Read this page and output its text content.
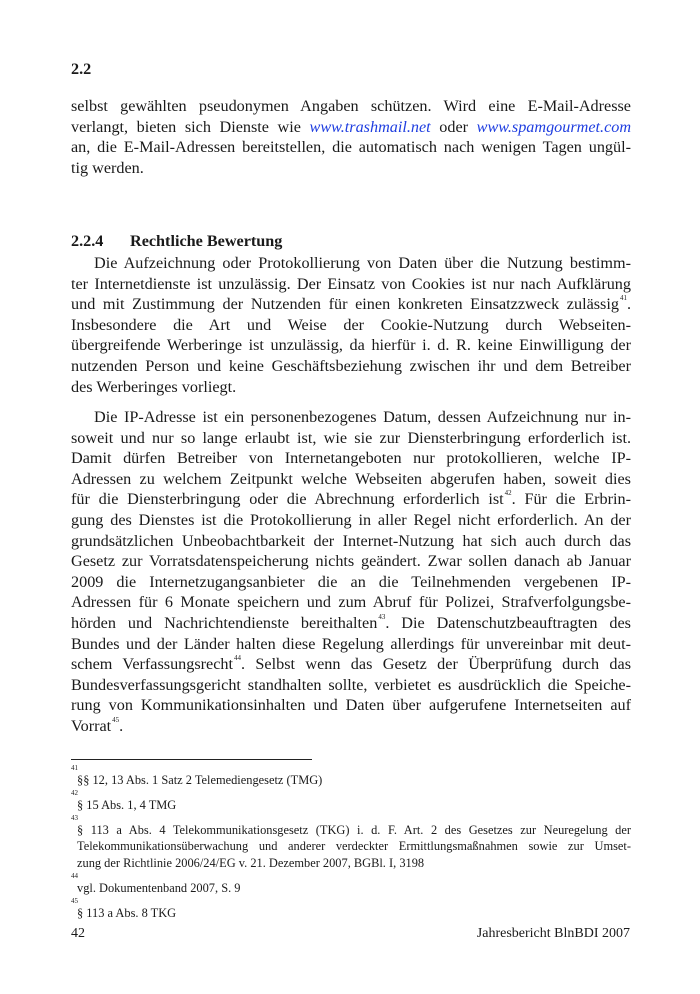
2.2
selbst gewählten pseudonymen Angaben schützen. Wird eine E-Mail-Adresse
verlangt, bieten sich Dienste wie www.trashmail.net oder www.spamgourmet.com
an, die E-Mail-Adressen bereitstellen, die automatisch nach wenigen Tagen ungül-
tig werden.
2.2.4 Rechtliche Bewertung
Die Aufzeichnung oder Protokollierung von Daten über die Nutzung bestimm-
ter Internetdienste ist unzulässig. Der Einsatz von Cookies ist nur nach Aufklärung
und mit Zustimmung der Nutzenden für einen konkreten Einsatzzweck zulässig$^{41}$.
Insbesondere die Art und Weise der Cookie-Nutzung durch Webseiten-
übergreifende Werberinge ist unzulässig, da hierfür i. d. R. keine Einwilligung der
nutzenden Person und keine Geschäftsbeziehung zwischen ihr und dem Betreiber
des Werberinges vorliegt.
Die IP-Adresse ist ein personenbezogenes Datum, dessen Aufzeichnung nur in-
soweit und nur so lange erlaubt ist, wie sie zur Diensterbringung erforderlich ist.
Damit dürfen Betreiber von Internetangeboten nur protokollieren, welche IP-
Adressen zu welchem Zeitpunkt welche Webseiten abgerufen haben, soweit dies
für die Diensterbringung oder die Abrechnung erforderlich ist$^{42}$. Für die Erbrin-
gung des Dienstes ist die Protokollierung in aller Regel nicht erforderlich. An der
grundsätzlichen Unbeobachtbarkeit der Internet-Nutzung hat sich auch durch das
Gesetz zur Vorratsdatenspeicherung nichts geändert. Zwar sollen danach ab Januar
2009 die Internetzugangsanbieter die an die Teilnehmenden vergebenen IP-
Adressen für 6 Monate speichern und zum Abruf für Polizei, Strafverfolgungsbe-
hörden und Nachrichtendienste bereithalten$^{43}$. Die Datenschutzbeauftragten des
Bundes und der Länder halten diese Regelung allerdings für unvereinbar mit deut-
schem Verfassungsrecht$^{44}$. Selbst wenn das Gesetz der Überprüfung durch das
Bundesverfassungsgericht standhalten sollte, verbietet es ausdrücklich die Speiche-
rung von Kommunikationsinhalten und Daten über aufgerufene Internetseiten auf
Vorrat$^{45}$.
41
§§ 12, 13 Abs. 1 Satz 2 Telemediengesetz (TMG)
42
§ 15 Abs. 1, 4 TMG
43
§ 113 a Abs. 4 Telekommunikationsgesetz (TKG) i. d. F. Art. 2 des Gesetzes zur Neuregelung der
Telekommunikationsüberwachung und anderer verdeckter Ermittlungsmaßnahmen sowie zur Umset-
zung der Richtlinie 2006/24/EG v. 21. Dezember 2007, BGBl. I, 3198
44
vgl. Dokumentenband 2007, S. 9
45
§ 113 a Abs. 8 TKG
42	Jahresbericht BlnBDI 2007
